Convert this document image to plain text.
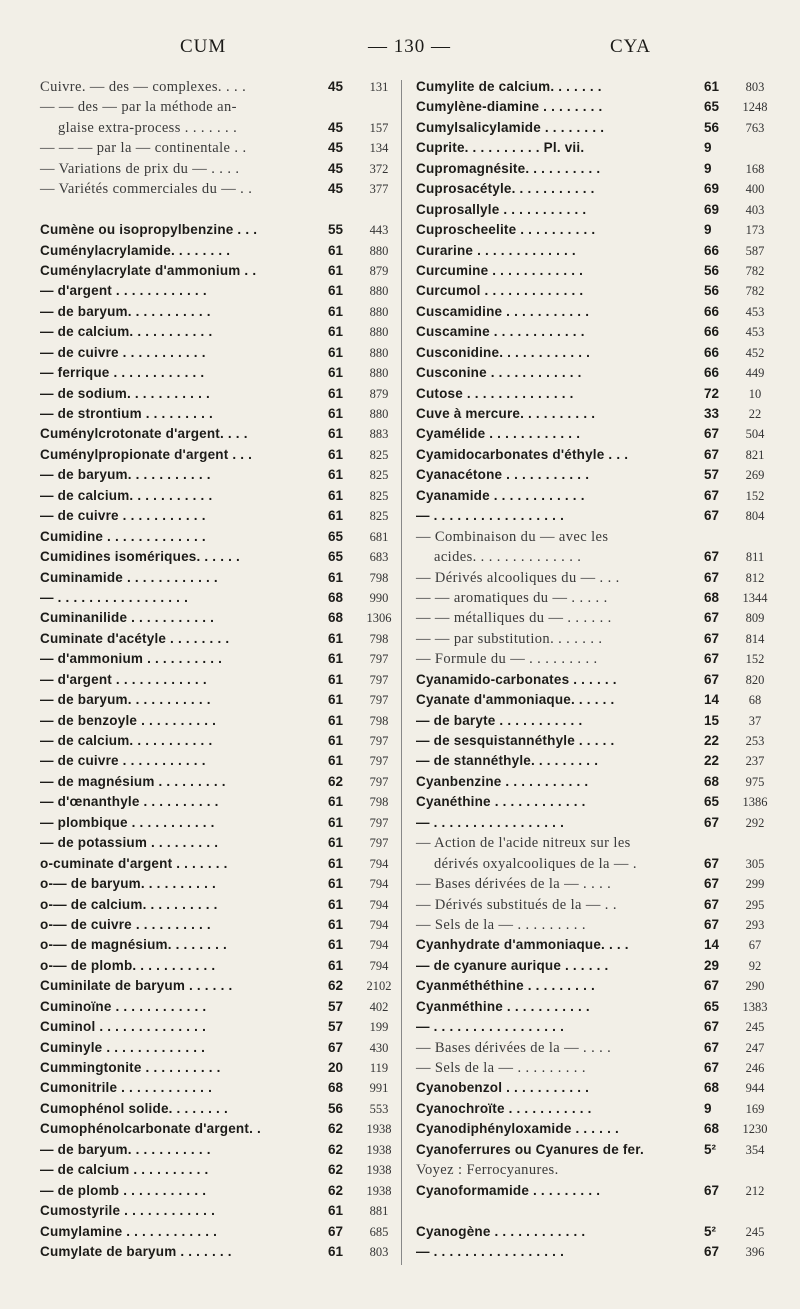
CUM	— 130 —	CYA
Cuivre. — des — complexes. . . .	45	131
— — des — par la méthode an-
glaise extra-process . . . . . . .	45	157
— — — par la — continentale . .	45	134
— Variations de prix du — . . . .	45	372
— Variétés commerciales du — . .	45	377
Cumène ou isopropylbenzine . . .	55	443
Cuménylacrylamide. . . . . . . .	61	880
Cuménylacrylate d'ammonium . .	61	879
— d'argent . . . . . . . . . . . .	61	880
— de baryum. . . . . . . . . . .	61	880
— de calcium. . . . . . . . . . .	61	880
— de cuivre . . . . . . . . . . .	61	880
— ferrique . . . . . . . . . . . .	61	880
— de sodium. . . . . . . . . . .	61	879
— de strontium . . . . . . . . .	61	880
Cuménylcrotonate d'argent. . . .	61	883
Cuménylpropionate d'argent . . .	61	825
— de baryum. . . . . . . . . . .	61	825
— de calcium. . . . . . . . . . .	61	825
— de cuivre . . . . . . . . . . .	61	825
Cumidine . . . . . . . . . . . . .	65	681
Cumidines isomériques. . . . . .	65	683
Cuminamide . . . . . . . . . . . .	61	798
— . . . . . . . . . . . . . . . . .	68	990
Cuminanilide . . . . . . . . . . .	68	1306
Cuminate d'acétyle . . . . . . . .	61	798
— d'ammonium . . . . . . . . . .	61	797
— d'argent . . . . . . . . . . . .	61	797
— de baryum. . . . . . . . . . .	61	797
— de benzoyle . . . . . . . . . .	61	798
— de calcium. . . . . . . . . . .	61	797
— de cuivre . . . . . . . . . . .	61	797
— de magnésium . . . . . . . . .	62	797
— d'œnanthyle . . . . . . . . . .	61	798
— plombique . . . . . . . . . . .	61	797
— de potassium . . . . . . . . .	61	797
o-cuminate d'argent . . . . . . .	61	794
o-— de baryum. . . . . . . . . .	61	794
o-— de calcium. . . . . . . . . .	61	794
o-— de cuivre . . . . . . . . . .	61	794
o-— de magnésium. . . . . . . .	61	794
o-— de plomb. . . . . . . . . . .	61	794
Cuminilate de baryum . . . . . .	62	2102
Cuminoïne . . . . . . . . . . . .	57	402
Cuminol . . . . . . . . . . . . . .	57	199
Cuminyle . . . . . . . . . . . . .	67	430
Cummingtonite . . . . . . . . . .	20	119
Cumonitrile . . . . . . . . . . . .	68	991
Cumophénol solide. . . . . . . .	56	553
Cumophénolcarbonate d'argent. .	62	1938
— de baryum. . . . . . . . . . .	62	1938
— de calcium . . . . . . . . . .	62	1938
— de plomb . . . . . . . . . . .	62	1938
Cumostyrile . . . . . . . . . . . .	61	881
Cumylamine . . . . . . . . . . . .	67	685
Cumylate de baryum . . . . . . .	61	803
Cumylite de calcium. . . . . . .	61	803
Cumylène-diamine . . . . . . . .	65	1248
Cumylsalicylamide . . . . . . . .	56	763
Cuprite. . . . . . . . . . Pl. vii.	9
Cupromagnésite. . . . . . . . . .	9	168
Cuprosacétyle. . . . . . . . . . .	69	400
Cuprosallyle . . . . . . . . . . .	69	403
Cuproscheelite . . . . . . . . . .	9	173
Curarine . . . . . . . . . . . . .	66	587
Curcumine . . . . . . . . . . . .	56	782
Curcumol . . . . . . . . . . . . .	56	782
Cuscamidine . . . . . . . . . . .	66	453
Cuscamine . . . . . . . . . . . .	66	453
Cusconidine. . . . . . . . . . . .	66	452
Cusconine . . . . . . . . . . . .	66	449
Cutose . . . . . . . . . . . . . .	72	10
Cuve à mercure. . . . . . . . . .	33	22
Cyamélide . . . . . . . . . . . .	67	504
Cyamidocarbonates d'éthyle . . .	67	821
Cyanacétone . . . . . . . . . . .	57	269
Cyanamide . . . . . . . . . . . .	67	152
— . . . . . . . . . . . . . . . . .	67	804
— Combinaison du — avec les
acides. . . . . . . . . . . . . .	67	811
— Dérivés alcooliques du — . . .	67	812
— — aromatiques du — . . . . .	68	1344
— — métalliques du — . . . . . .	67	809
— — par substitution. . . . . . .	67	814
— Formule du — . . . . . . . . .	67	152
Cyanamido-carbonates . . . . . .	67	820
Cyanate d'ammoniaque. . . . . .	14	68
— de baryte . . . . . . . . . . .	15	37
— de sesquistannéthyle . . . . .	22	253
— de stannéthyle. . . . . . . . .	22	237
Cyanbenzine . . . . . . . . . . .	68	975
Cyanéthine . . . . . . . . . . . .	65	1386
— . . . . . . . . . . . . . . . . .	67	292
— Action de l'acide nitreux sur les
dérivés oxyalcooliques de la — .	67	305
— Bases dérivées de la — . . . .	67	299
— Dérivés substitués de la — . .	67	295
— Sels de la — . . . . . . . . .	67	293
Cyanhydrate d'ammoniaque. . . .	14	67
— de cyanure aurique . . . . . .	29	92
Cyanméthéthine . . . . . . . . .	67	290
Cyanméthine . . . . . . . . . . .	65	1383
— . . . . . . . . . . . . . . . . .	67	245
— Bases dérivées de la — . . . .	67	247
— Sels de la — . . . . . . . . .	67	246
Cyanobenzol . . . . . . . . . . .	68	944
Cyanochroïte . . . . . . . . . . .	9	169
Cyanodiphényloxamide . . . . . .	68	1230
Cyanoferrures ou Cyanures de fer.	5²	354
Voyez : Ferrocyanures.
Cyanoformamide . . . . . . . . .	67	212
Cyanogène . . . . . . . . . . . .	5²	245
— . . . . . . . . . . . . . . . . .	67	396
